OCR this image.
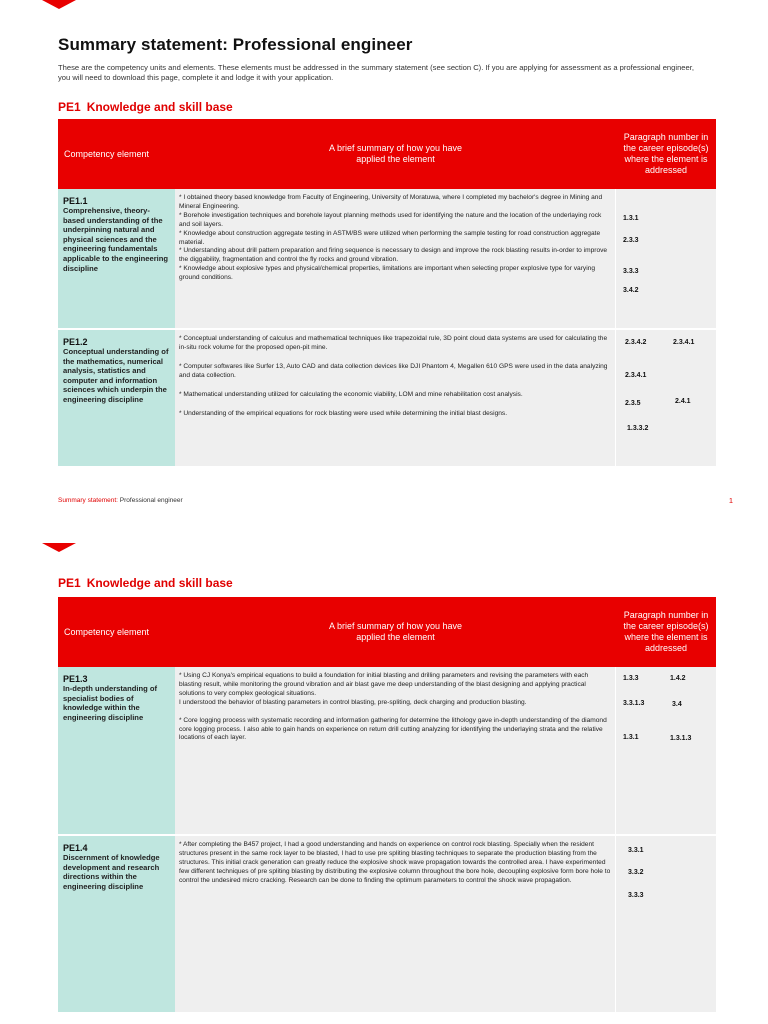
Summary statement: Professional engineer
These are the competency units and elements. These elements must be addressed in the summary statement (see section C). If you are applying for assessment as a professional engineer, you will need to download this page, complete it and lodge it with your application.
PE1 Knowledge and skill base
Competency element
A brief summary of how you have applied the element
Paragraph number in the career episode(s) where the element is addressed
PE1.1
Comprehensive, theory-based understanding of the underpinning natural and physical sciences and the engineering fundamentals applicable to the engineering discipline

* I obtained theory based knowledge from Faculty of Engineering, University of Moratuwa, where I completed my bachelor's degree in Mining and Mineral Engineering.

* Borehole investigation techniques and borehole layout planning methods used for identifying the nature and the location of the underlaying rock and soil layers.

* Knowledge about construction aggregate testing in ASTM/BS were utilized when performing the sample testing for road construction aggregate material.

* Understanding about drill pattern preparation and firing sequence is necessary to design and improve the rock blasting results in-order to improve the diggability, fragmentation and control the fly rocks and ground vibration.

* Knowledge about explosive types and physical/chemical properties, limitations are important when selecting proper explosive type for varying ground conditions.

1.3.1
2.3.3
3.3.3
3.4.2
PE1.2
Conceptual understanding of the mathematics, numerical analysis, statistics and computer and information sciences which underpin the engineering discipline

* Conceptual understanding of calculus and mathematical techniques like trapezoidal rule, 3D point cloud data systems are used for calculating the in-situ rock volume for the proposed open-pit mine.

* Computer softwares like Surfer 13, Auto CAD and data collection devices like DJI Phantom 4, Megallen 610 GPS were used in the data analyzing and data collection.

* Mathematical understanding utilized for calculating the economic viability, LOM and mine rehabilitation cost analysis.

* Understanding of the empirical equations for rock blasting were used while determining the initial blast designs.

2.3.4.2	2.3.4.1
2.3.4.1
2.3.5	2.4.1
1.3.3.2
Summary statement: Professional engineer	1
PE1 Knowledge and skill base
Competency element
A brief summary of how you have applied the element
Paragraph number in the career episode(s) where the element is addressed
PE1.3
In-depth understanding of specialist bodies of knowledge within the engineering discipline

* Using CJ Konya's empirical equations to build a foundation for initial blasting and drilling parameters and revising the parameters with each blasting result, while monitoring the ground vibration and air blast gave me deep understanding of the blast designing and applying practical solutions to very complex geological situations.

I understood the behavior of blasting parameters in control blasting, pre-spliting, deck charging and production blasting.

* Core logging process with systematic recording and information gathering for determine the lithology gave in-depth understanding of the diamond core logging process. I also able to gain hands on experience on return drill cutting analyzing for identifying the underlaying strata and the relative locations of each layer.

1.3.3	1.4.2
3.3.1.3	3.4
1.3.1	1.3.1.3
PE1.4
Discernment of knowledge development and research directions within the engineering discipline

* After completing the B457 project, I had a good understanding and hands on experience on control rock blasting. Specially when the resident structures present in the same rock layer to be blasted, I had to use pre spliting blasting techniques to separate the production blasting from the structures. This initial crack generation can greatly reduce the explosive shock wave propagation towards the controlled area. I have experimented few different techniques of pre spliting blasting by distributing the explosive column throughout the bore hole, decoupling explosive form bore hole to control the undesired micro cracking. Research can be done to finding the optimum parameters to control the shock wave propagation.

3.3.1
3.3.2
3.3.3
